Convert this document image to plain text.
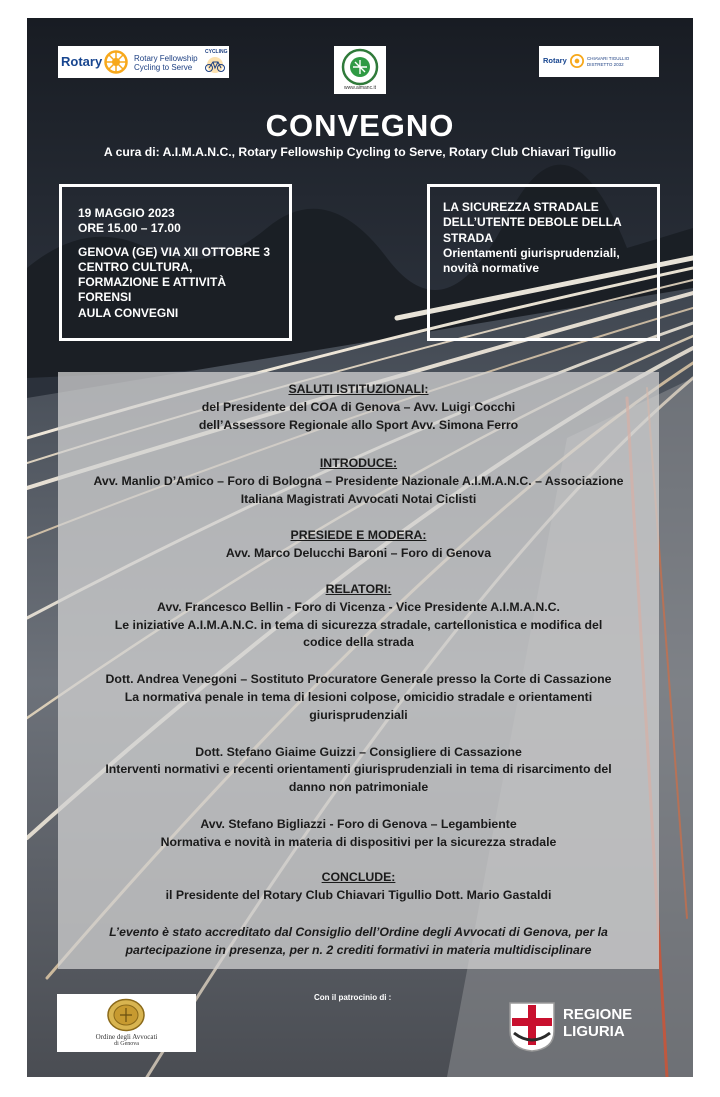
Rotary	Rotary Fellowship
Cycling to Serve
CYCLING
www.aimanc.it
Rotary	CHIAVARI TIGULLIO
DISTRETTO 2032
CONVEGNO
A cura di: A.I.M.A.N.C., Rotary Fellowship Cycling to Serve, Rotary Club Chiavari Tigullio
19 MAGGIO 2023
ORE 15.00 – 17.00
GENOVA (GE) VIA XII OTTOBRE 3
CENTRO CULTURA,
FORMAZIONE E ATTIVITÀ
FORENSI
AULA CONVEGNI
LA SICUREZZA STRADALE
DELL’UTENTE DEBOLE DELLA
STRADA
Orientamenti giurisprudenziali,
novità normative
SALUTI ISTITUZIONALI:
del Presidente del COA di Genova – Avv. Luigi Cocchi
dell’Assessore Regionale allo Sport Avv. Simona Ferro
INTRODUCE:
Avv. Manlio D’Amico – Foro di Bologna – Presidente Nazionale A.I.M.A.N.C. – Associazione
Italiana Magistrati Avvocati Notai Ciclisti
PRESIEDE E MODERA:
Avv. Marco Delucchi Baroni – Foro di Genova
RELATORI:
Avv. Francesco Bellin - Foro di Vicenza - Vice Presidente A.I.M.A.N.C.
Le iniziative A.I.M.A.N.C. in tema di sicurezza stradale, cartellonistica e modifica del
codice della strada
Dott. Andrea Venegoni – Sostituto Procuratore Generale presso la Corte di Cassazione
La normativa penale in tema di lesioni colpose, omicidio stradale e orientamenti
giurisprudenziali
Dott. Stefano Giaime Guizzi – Consigliere di Cassazione
Interventi normativi e recenti orientamenti giurisprudenziali in tema di risarcimento del
danno non patrimoniale
Avv. Stefano Bigliazzi - Foro di Genova – Legambiente
Normativa e novità in materia di dispositivi per la sicurezza stradale
CONCLUDE:
il Presidente del Rotary Club Chiavari Tigullio Dott. Mario Gastaldi
L’evento è stato accreditato dal Consiglio dell’Ordine degli Avvocati di Genova, per la
partecipazione in presenza, per n. 2 crediti formativi in materia multidisciplinare
Con il patrocinio di :
Ordine degli Avvocati
di Genova
REGIONE
LIGURIA
